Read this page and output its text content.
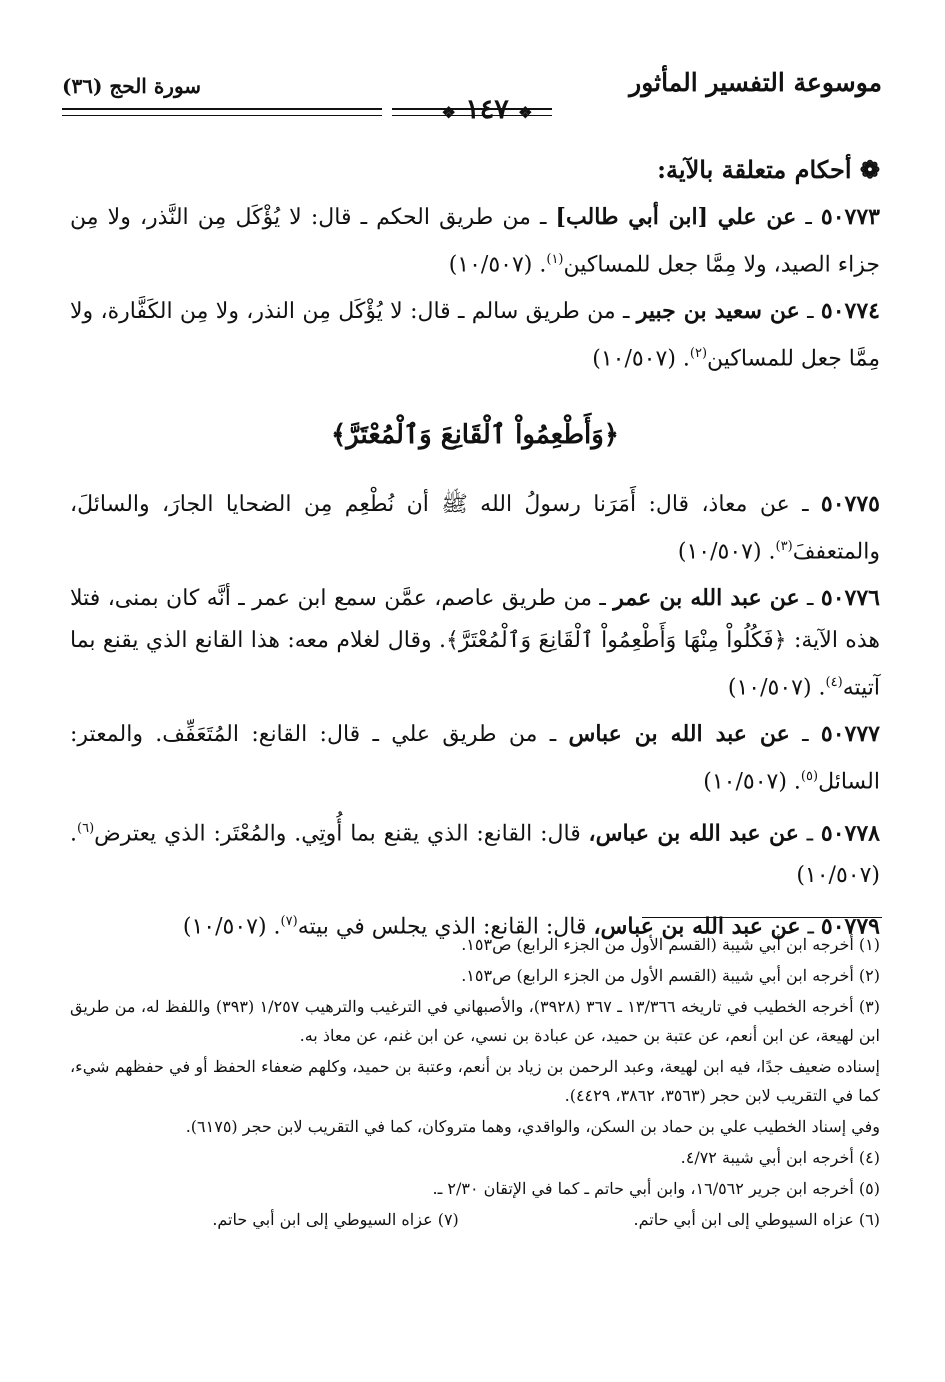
موسوعة التفسير المأثور
سورة الحج (٣٦)
❖ ١٤٧ ❖
❁ أحكام متعلقة بالآية:
٥٠٧٧٣ ـ عن علي [ابن أبي طالب] ـ من طريق الحكم ـ قال: لا يُؤْكَل مِن النَّذر، ولا مِن جزاء الصيد، ولا مِمَّا جعل للمساكين$^{(١)}$. (١٠/٥٠٧)
٥٠٧٧٤ ـ عن سعيد بن جبير ـ من طريق سالم ـ قال: لا يُؤْكَل مِن النذر، ولا مِن الكَفَّارة، ولا مِمَّا جعل للمساكين$^{(٢)}$. (١٠/٥٠٧)
﴿وَأَطْعِمُواْ ٱلْقَانِعَ وَٱلْمُعْتَرَّ﴾
٥٠٧٧٥ ـ عن معاذ، قال: أَمَرَنا رسولُ الله ﷺ أن نُطْعِم مِن الضحايا الجارَ، والسائلَ، والمتعففَ$^{(٣)}$. (١٠/٥٠٧)
٥٠٧٧٦ ـ عن عبد الله بن عمر ـ من طريق عاصم، عمَّن سمع ابن عمر ـ أنَّه كان بمنى، فتلا هذه الآية: ﴿فَكُلُواْ مِنْهَا وَأَطْعِمُواْ ٱلْقَانِعَ وَٱلْمُعْتَرَّ﴾. وقال لغلام معه: هذا القانع الذي يقنع بما آتيته$^{(٤)}$. (١٠/٥٠٧)
٥٠٧٧٧ ـ عن عبد الله بن عباس ـ من طريق علي ـ قال: القانع: المُتَعَفِّف. والمعتر: السائل$^{(٥)}$. (١٠/٥٠٧)
٥٠٧٧٨ ـ عن عبد الله بن عباس، قال: القانع: الذي يقنع بما أُوتِي. والمُعْتَر: الذي يعترض$^{(٦)}$. (١٠/٥٠٧)
٥٠٧٧٩ ـ عن عبد الله بن عباس، قال: القانع: الذي يجلس في بيته$^{(٧)}$. (١٠/٥٠٧)
(١) أخرجه ابن أبي شيبة (القسم الأول من الجزء الرابع) ص١٥٣.
(٢) أخرجه ابن أبي شيبة (القسم الأول من الجزء الرابع) ص١٥٣.
(٣) أخرجه الخطيب في تاريخه ١٣/٣٦٦ ـ ٣٦٧ (٣٩٢٨)، والأصبهاني في الترغيب والترهيب ١/٢٥٧ (٣٩٣) واللفظ له، من طريق ابن لهيعة، عن ابن أنعم، عن عتبة بن حميد، عن عبادة بن نسي، عن ابن غنم، عن معاذ به.
إسناده ضعيف جدًا، فيه ابن لهيعة، وعبد الرحمن بن زياد بن أنعم، وعتبة بن حميد، وكلهم ضعفاء الحفظ أو في حفظهم شيء، كما في التقريب لابن حجر (٣٥٦٣، ٣٨٦٢، ٤٤٢٩).
وفي إسناد الخطيب علي بن حماد بن السكن، والواقدي، وهما متروكان، كما في التقريب لابن حجر (٦١٧٥).
(٤) أخرجه ابن أبي شيبة ٤/٧٢.
(٥) أخرجه ابن جرير ١٦/٥٦٢، وابن أبي حاتم ـ كما في الإتقان ٢/٣٠ ـ.
(٦) عزاه السيوطي إلى ابن أبي حاتم.
(٧) عزاه السيوطي إلى ابن أبي حاتم.
